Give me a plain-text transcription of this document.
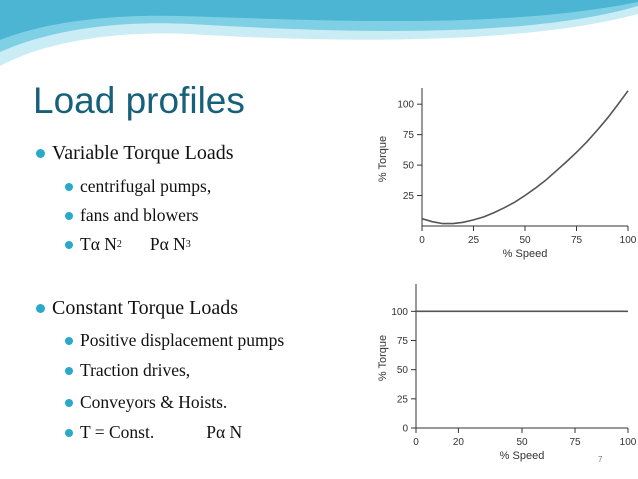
Load profiles
Variable Torque Loads
centrifugal pumps,
fans and blowers
Tα N 2 Pα N 3
Constant Torque Loads
Positive displacement pumps
Traction drives,
Conveyors & Hoists.
T = Const.	Pα N
25
50
75
100
0	25	50	75	100
% Speed
% Torque
0
25
50
75
100
0	20	50	75	100
% Speed
% Torque
7
